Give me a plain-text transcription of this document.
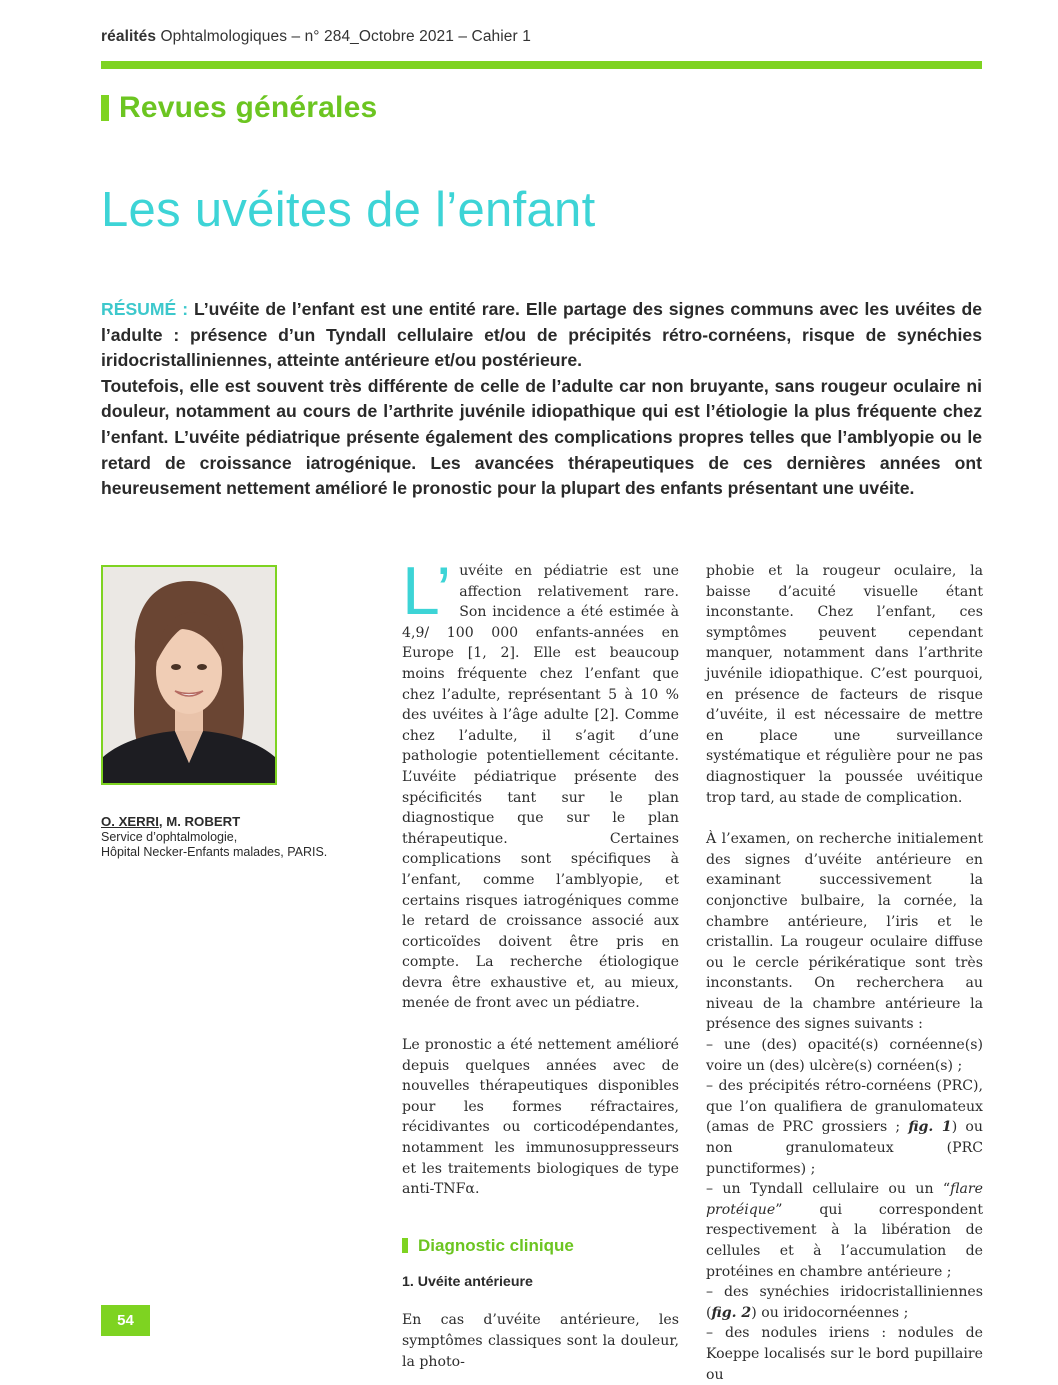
réalités Ophtalmologiques – n° 284_Octobre 2021 – Cahier 1
Revues générales
Les uvéites de l’enfant

RÉSUMÉ : L’uvéite de l’enfant est une entité rare. Elle partage des signes communs avec les uvéites de l’adulte : présence d’un Tyndall cellulaire et/ou de précipités rétro-cornéens, risque de synéchies iridocristalliniennes, atteinte antérieure et/ou postérieure.

Toutefois, elle est souvent très différente de celle de l’adulte car non bruyante, sans rougeur oculaire ni douleur, notamment au cours de l’arthrite juvénile idiopathique qui est l’étiologie la plus fréquente chez l’enfant. L’uvéite pédiatrique présente également des complications propres telles que l’amblyopie ou le retard de croissance iatrogénique. Les avancées thérapeutiques de ces dernières années ont heureusement nettement amélioré le pronostic pour la plupart des enfants présentant une uvéite.

O. XERRI, M. ROBERT
Service d’ophtalmologie,
Hôpital Necker-Enfants malades, PARIS.

L’ uvéite en pédiatrie est une affection relativement rare. Son incidence a été estimée à 4,9/ 100 000 enfants-années en Europe [1, 2]. Elle est beaucoup moins fréquente chez l’enfant que chez l’adulte, représentant 5 à 10 % des uvéites à l’âge adulte [2]. Comme chez l’adulte, il s’agit d’une pathologie potentiellement cécitante. L’uvéite pédiatrique présente des spécificités tant sur le plan diagnostique que sur le plan thérapeutique. Certaines complications sont spécifiques à l’enfant, comme l’amblyopie, et certains risques iatrogéniques comme le retard de croissance associé aux corticoïdes doivent être pris en compte. La recherche étiologique devra être exhaustive et, au mieux, menée de front avec un pédiatre.

Le pronostic a été nettement amélioré depuis quelques années avec de nouvelles thérapeutiques disponibles pour les formes réfractaires, récidivantes ou corticodépendantes, notamment les immunosuppresseurs et les traitements biologiques de type anti-TNFα.

Diagnostic clinique
1. Uvéite antérieure

En cas d’uvéite antérieure, les symptômes classiques sont la douleur, la photo-

phobie et la rougeur oculaire, la baisse d’acuité visuelle étant inconstante. Chez l’enfant, ces symptômes peuvent cependant manquer, notamment dans l’arthrite juvénile idiopathique. C’est pourquoi, en présence de facteurs de risque d’uvéite, il est nécessaire de mettre en place une surveillance systématique et régulière pour ne pas diagnostiquer la poussée uvéitique trop tard, au stade de complication.

À l’examen, on recherche initialement des signes d’uvéite antérieure en examinant successivement la conjonctive bulbaire, la cornée, la chambre antérieure, l’iris et le cristallin. La rougeur oculaire diffuse ou le cercle périkératique sont très inconstants. On recherchera au niveau de la chambre antérieure la présence des signes suivants :

– une (des) opacité(s) cornéenne(s) voire un (des) ulcère(s) cornéen(s) ;

– des précipités rétro-cornéens (PRC), que l’on qualifiera de granulomateux (amas de PRC grossiers ; fig. 1) ou non granulomateux (PRC punctiformes) ;

– un Tyndall cellulaire ou un “flare protéique” qui correspondent respectivement à la libération de cellules et à l’accumulation de protéines en chambre antérieure ;

– des synéchies iridocristalliniennes (fig. 2) ou iridocornéennes ;

– des nodules iriens : nodules de Koeppe localisés sur le bord pupillaire ou

54
